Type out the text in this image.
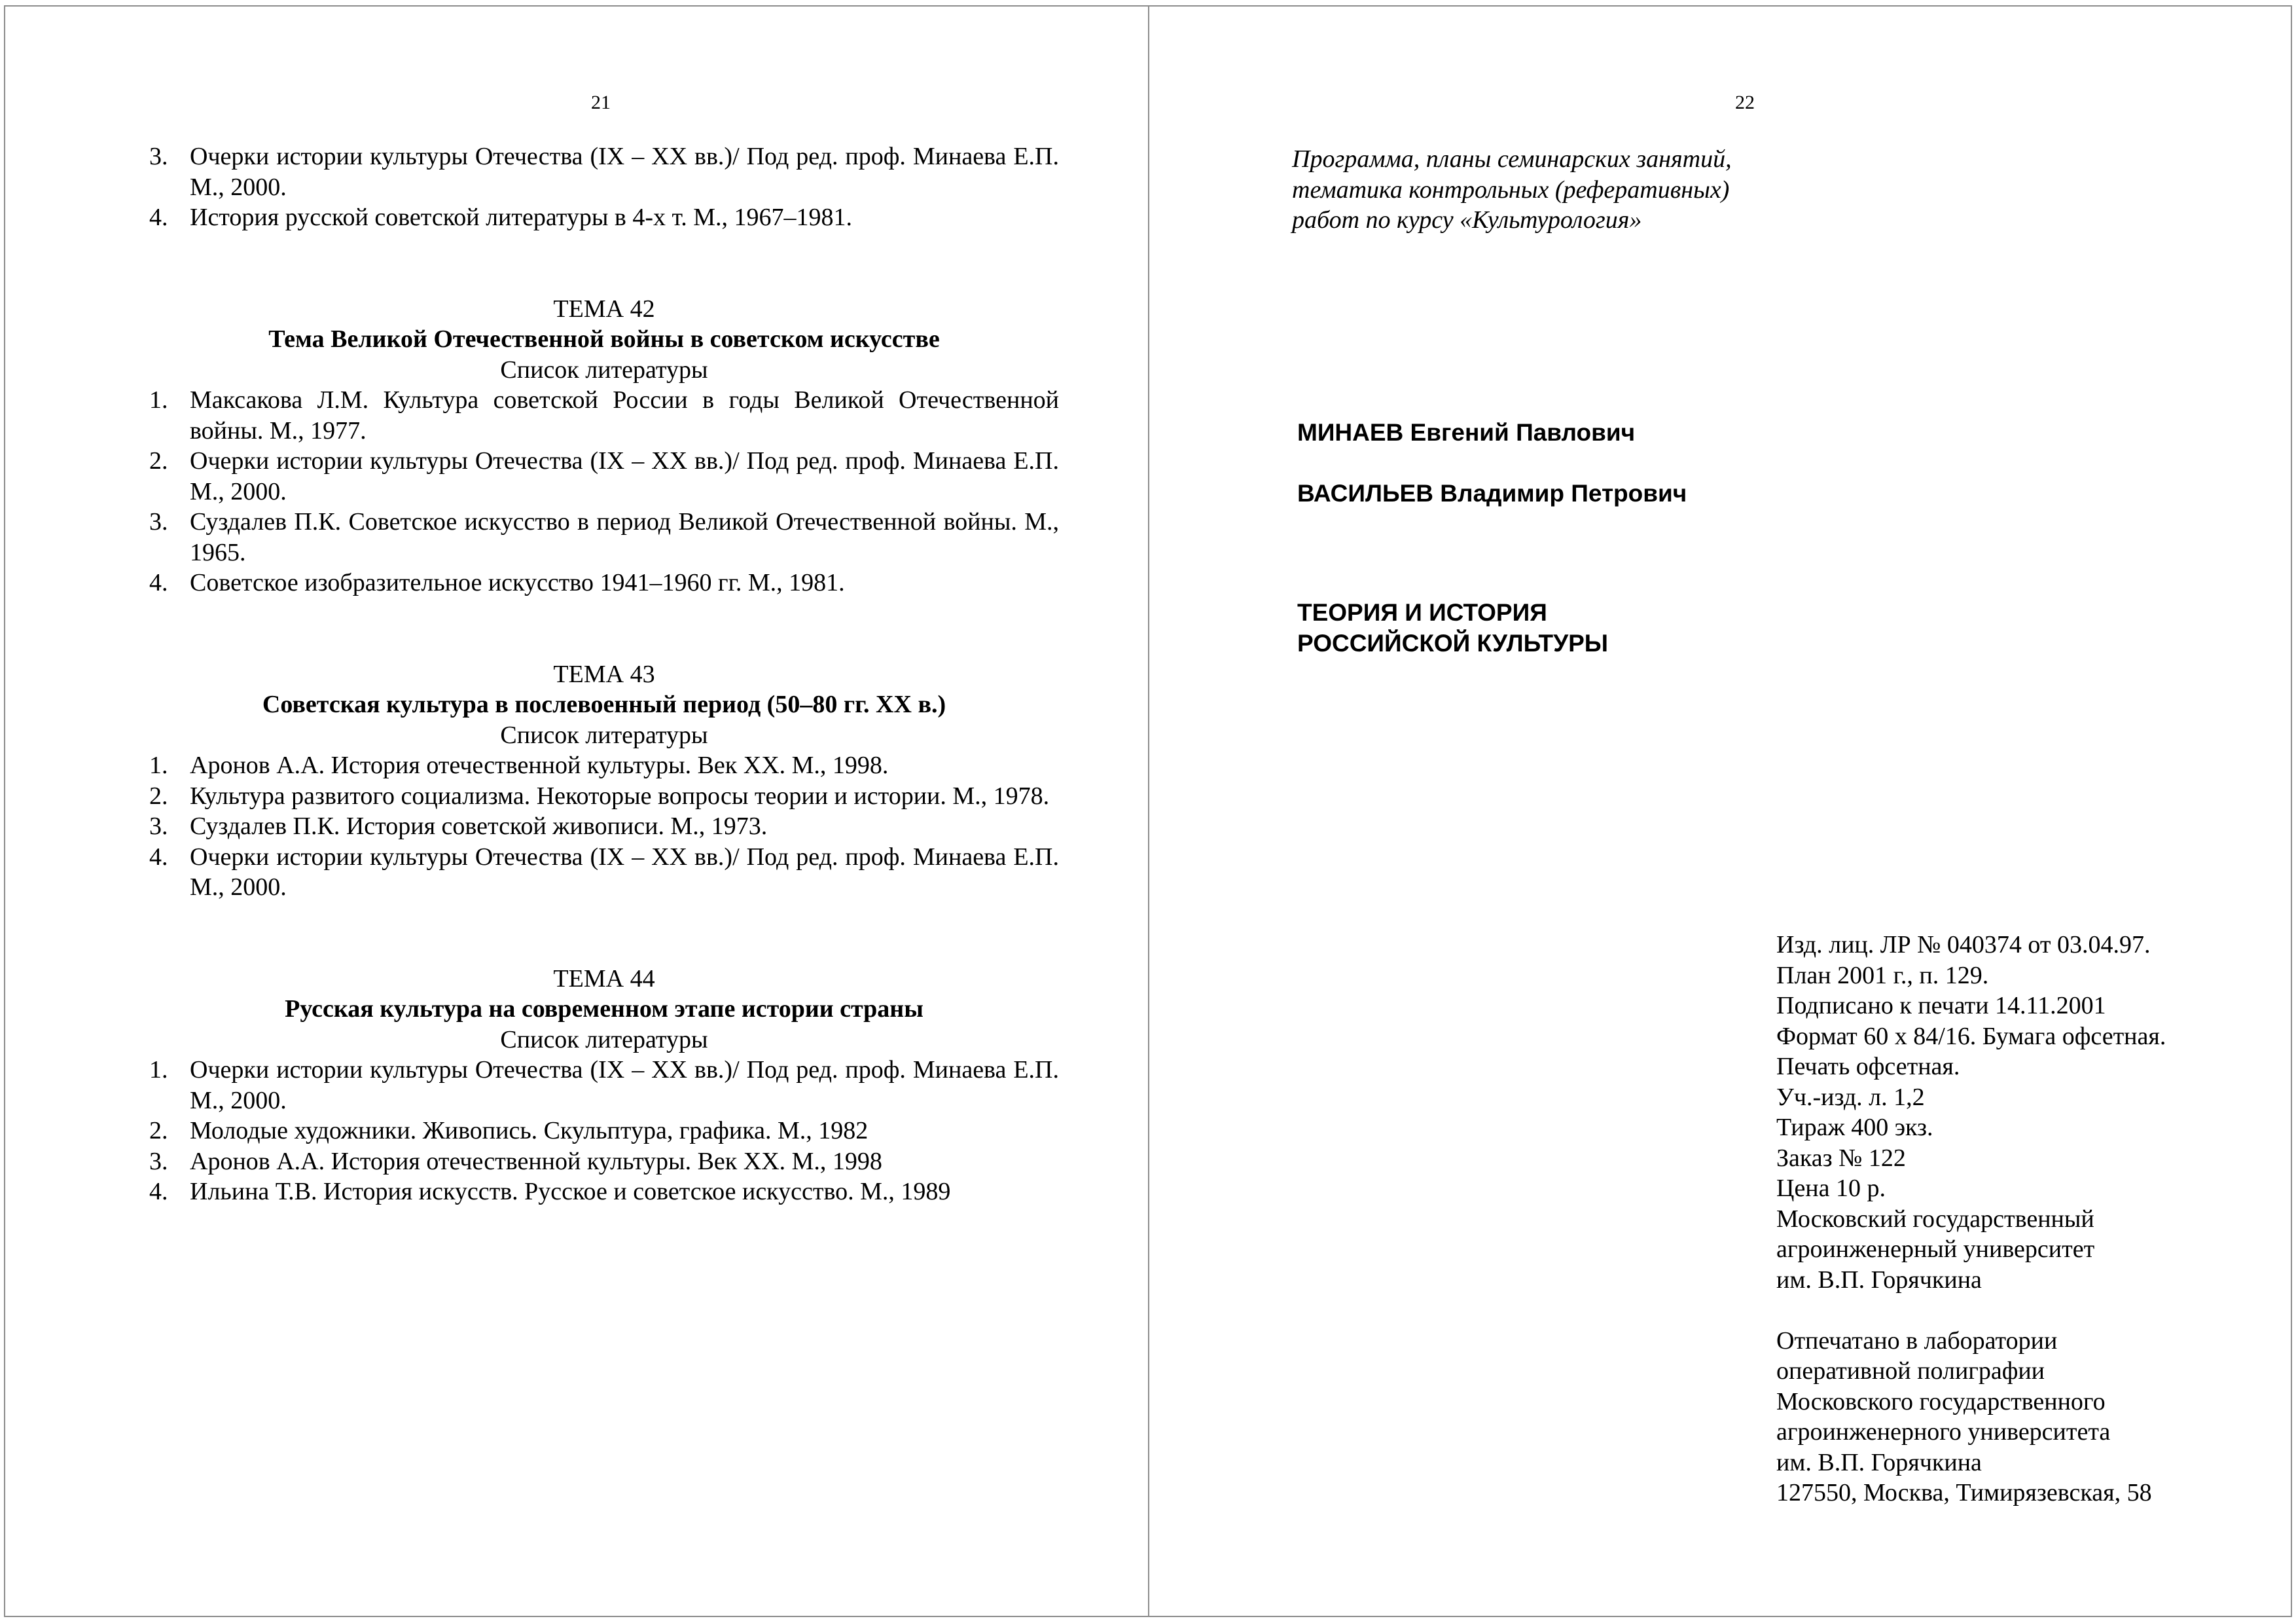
21
3. Очерки истории культуры Отечества (IX – XX вв.)/ Под ред. проф. Минаева Е.П. М., 2000.
4. История русской советской литературы в 4-х т. М., 1967–1981.
ТЕМА 42
Тема Великой Отечественной войны в советском искусстве
Список литературы
1. Максакова Л.М. Культура советской России в годы Великой Отечественной войны. М., 1977.
2. Очерки истории культуры Отечества (IX – XX вв.)/ Под ред. проф. Минаева Е.П. М., 2000.
3. Суздалев П.К. Советское искусство в период Великой Отечественной войны. М., 1965.
4. Советское изобразительное искусство 1941–1960 гг. М., 1981.
ТЕМА 43
Советская культура в послевоенный период (50–80 гг. XX в.)
Список литературы
1. Аронов А.А. История отечественной культуры. Век XX. М., 1998.
2. Культура развитого социализма. Некоторые вопросы теории и истории. М., 1978.
3. Суздалев П.К. История советской живописи. М., 1973.
4. Очерки истории культуры Отечества (IX – XX вв.)/ Под ред. проф. Минаева Е.П. М., 2000.
ТЕМА 44
Русская культура на современном этапе истории страны
Список литературы
1. Очерки истории культуры Отечества (IX – XX вв.)/ Под ред. проф. Минаева Е.П. М., 2000.
2. Молодые художники. Живопись. Скульптура, графика. М., 1982
3. Аронов А.А. История отечественной культуры. Век XX. М., 1998
4. Ильина Т.В. История искусств. Русское и советское искусство. М., 1989
22
Программа, планы семинарских занятий,
тематика контрольных (реферативных)
работ по курсу «Культурология»
МИНАЕВ Евгений Павлович
ВАСИЛЬЕВ Владимир Петрович
ТЕОРИЯ И ИСТОРИЯ
РОССИЙСКОЙ КУЛЬТУРЫ
Изд. лиц. ЛР № 040374 от 03.04.97.
План 2001 г., п. 129.
Подписано к печати 14.11.2001
Формат 60 х 84/16. Бумага офсетная.
Печать офсетная.
Уч.-изд. л. 1,2
Тираж 400 экз.
Заказ № 122
Цена 10 р.
Московский государственный
агроинженерный университет
им. В.П. Горячкина
Отпечатано в лаборатории
оперативной полиграфии
Московского государственного
агроинженерного университета
им. В.П. Горячкина
127550, Москва, Тимирязевская, 58
